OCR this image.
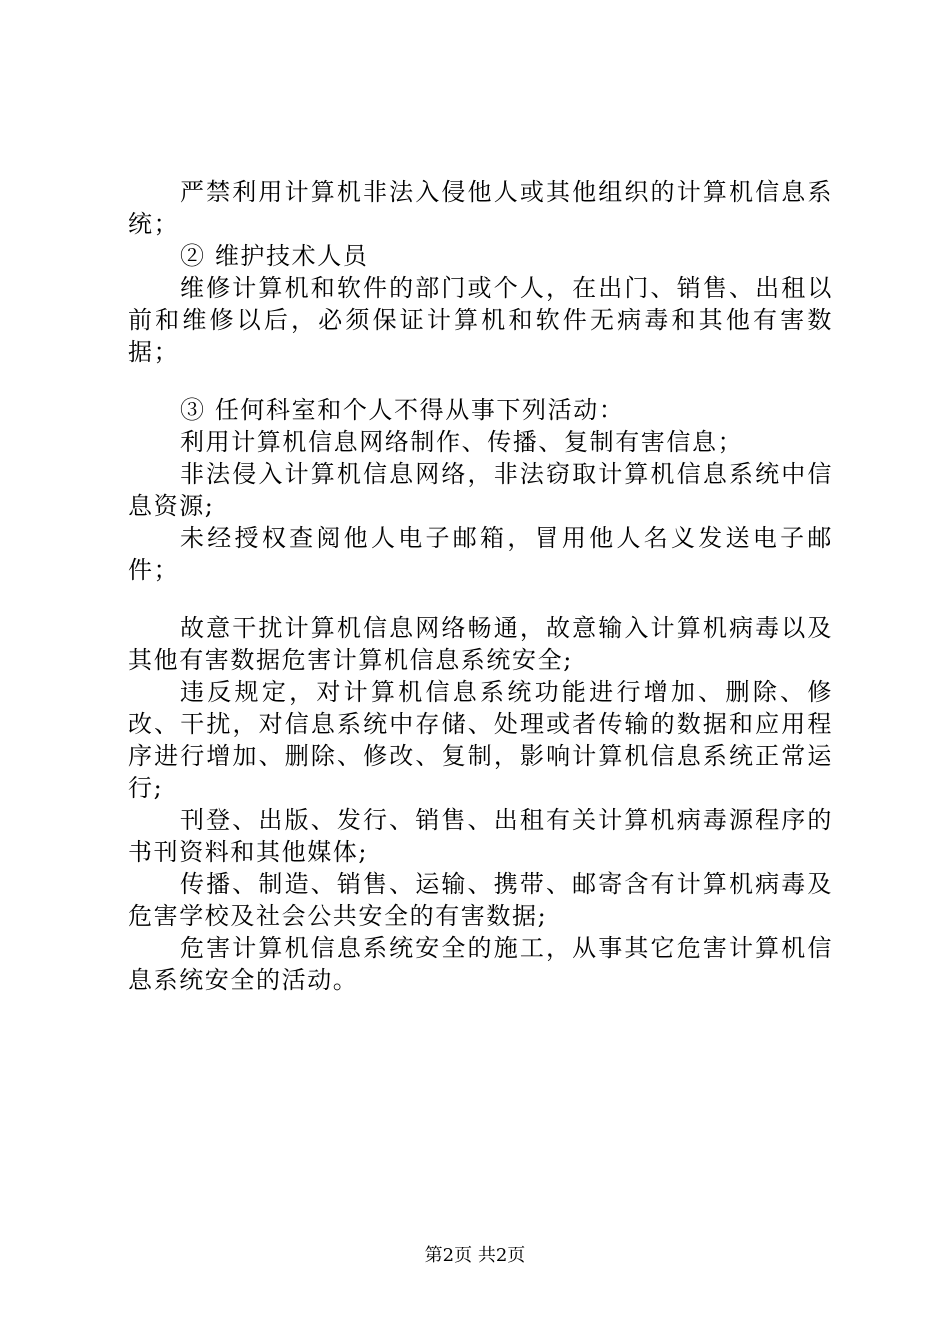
严禁利用计算机非法入侵他人或其他组织的计算机信息系统；

② 维护技术人员

维修计算机和软件的部门或个人，在出门、销售、出租以前和维修以后，必须保证计算机和软件无病毒和其他有害数据；

③ 任何科室和个人不得从事下列活动：

利用计算机信息网络制作、传播、复制有害信息；

非法侵入计算机信息网络，非法窃取计算机信息系统中信息资源;

未经授权查阅他人电子邮箱，冒用他人名义发送电子邮件；

故意干扰计算机信息网络畅通，故意输入计算机病毒以及其他有害数据危害计算机信息系统安全;

违反规定，对计算机信息系统功能进行增加、删除、修改、干扰，对信息系统中存储、处理或者传输的数据和应用程序进行增加、删除、修改、复制，影响计算机信息系统正常运行;

刊登、出版、发行、销售、出租有关计算机病毒源程序的书刊资料和其他媒体;

传播、制造、销售、运输、携带、邮寄含有计算机病毒及危害学校及社会公共安全的有害数据;

危害计算机信息系统安全的施工，从事其它危害计算机信息系统安全的活动。

第2页 共2页
